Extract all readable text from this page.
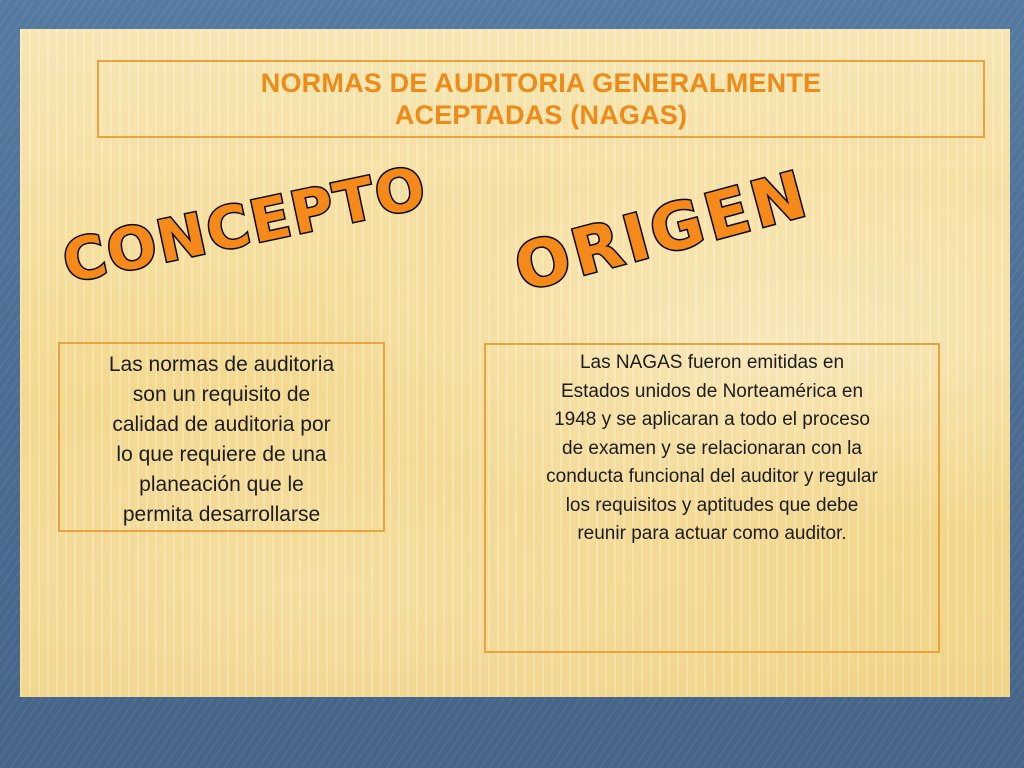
NORMAS DE AUDITORIA GENERALMENTE
ACEPTADAS (NAGAS)
CONCEPTO ORIGEN
Las normas de auditoria
son un requisito de
calidad de auditoria por
lo que requiere de una
planeación que le
permita desarrollarse
Las NAGAS fueron emitidas en
Estados unidos de Norteamérica en
1948 y se aplicaran a todo el proceso
de examen y se relacionaran con la
conducta funcional del auditor y regular
los requisitos y aptitudes que debe
reunir para actuar como auditor.
